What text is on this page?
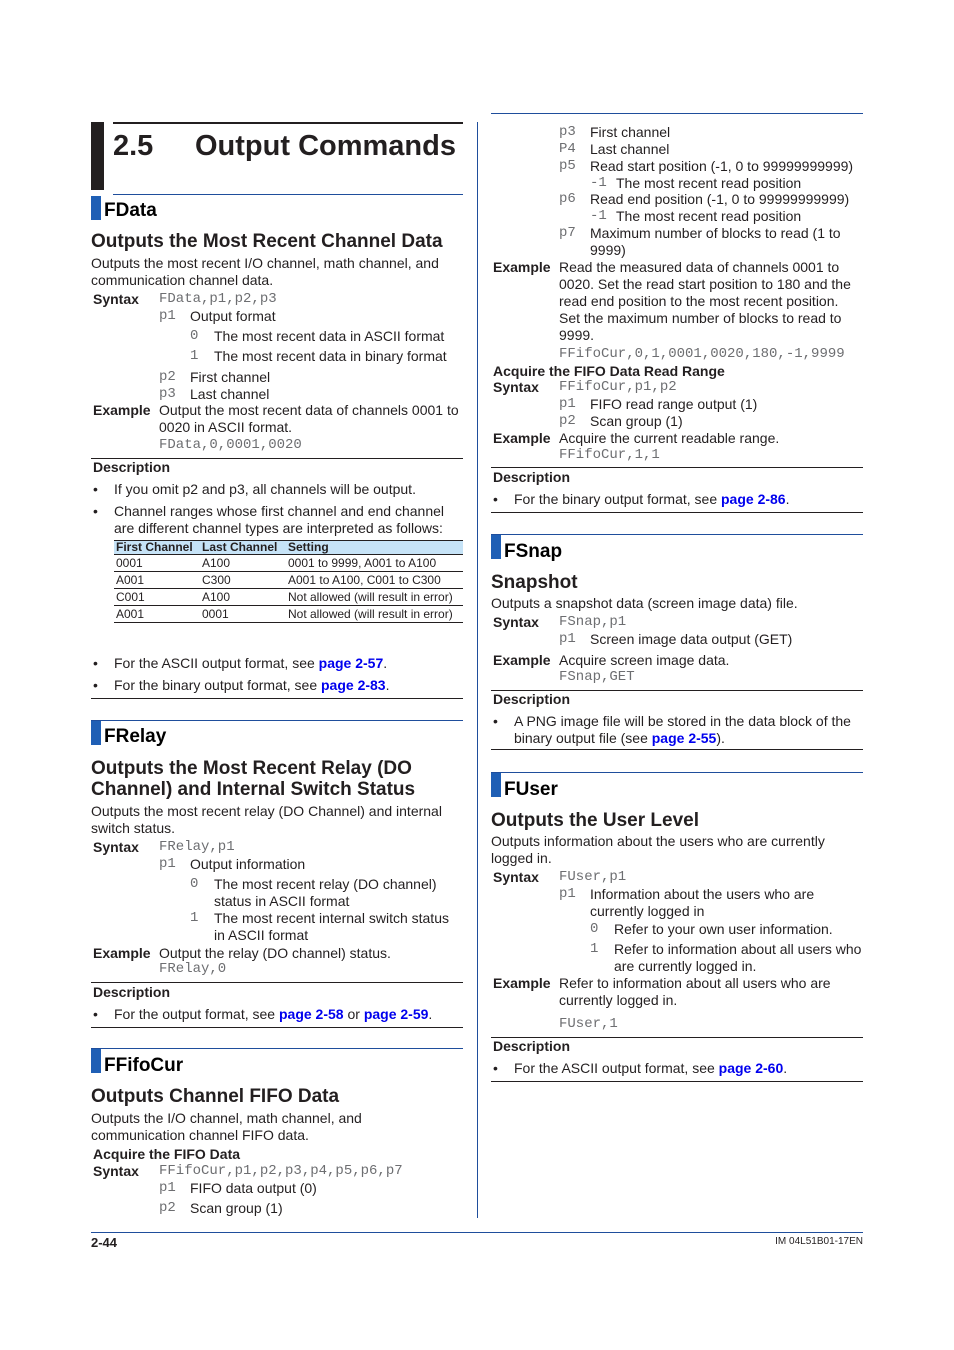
2.5 Output Commands
FData
Outputs the Most Recent Channel Data
Outputs the most recent I/O channel, math channel, and communication channel data.
Syntax FData,p1,p2,p3
p1 Output format
0 The most recent data in ASCII format
1 The most recent data in binary format
p2 First channel
p3 Last channel
Example Output the most recent data of channels 0001 to 0020 in ASCII format.
FData,0,0001,0020
Description
• If you omit p2 and p3, all channels will be output.
• Channel ranges whose first channel and end channel are different channel types are interpreted as follows:
First Channel	Last Channel	Setting
0001	A100	0001 to 9999, A001 to A100
A001	C300	A001 to A100, C001 to C300
C001	A100	Not allowed (will result in error)
A001	0001	Not allowed (will result in error)
• For the ASCII output format, see page 2-57.
• For the binary output format, see page 2-83.
FRelay
Outputs the Most Recent Relay (DO Channel) and Internal Switch Status
Outputs the most recent relay (DO Channel) and internal switch status.
Syntax FRelay,p1
p1 Output information
0 The most recent relay (DO channel) status in ASCII format
1 The most recent internal switch status in ASCII format
Example Output the relay (DO channel) status.
FRelay,0
Description
• For the output format, see page 2-58 or page 2-59.
FFifoCur
Outputs Channel FIFO Data
Outputs the I/O channel, math channel, and communication channel FIFO data.
Acquire the FIFO Data
Syntax FFifoCur,p1,p2,p3,p4,p5,p6,p7
p1 FIFO data output (0)
p2 Scan group (1)
p3 First channel
P4 Last channel
p5 Read start position (-1, 0 to 99999999999)
-1 The most recent read position
p6 Read end position (-1, 0 to 99999999999)
-1 The most recent read position
p7 Maximum number of blocks to read (1 to 9999)
Example Read the measured data of channels 0001 to 0020. Set the read start position to 180 and the read end position to the most recent position. Set the maximum number of blocks to read to 9999.
FFifoCur,0,1,0001,0020,180,-1,9999
Acquire the FIFO Data Read Range
Syntax FFifoCur,p1,p2
p1 FIFO read range output (1)
p2 Scan group (1)
Example Acquire the current readable range.
FFifoCur,1,1
Description
• For the binary output format, see page 2-86.
FSnap
Snapshot
Outputs a snapshot data (screen image data) file.
Syntax FSnap,p1
p1 Screen image data output (GET)
Example Acquire screen image data.
FSnap,GET
Description
• A PNG image file will be stored in the data block of the binary output file (see page 2-55).
FUser
Outputs the User Level
Outputs information about the users who are currently logged in.
Syntax FUser,p1
p1 Information about the users who are currently logged in
0 Refer to your own user information.
1 Refer to information about all users who are currently logged in.
Example Refer to information about all users who are currently logged in.
FUser,1
Description
• For the ASCII output format, see page 2-60.
2-44	IM 04L51B01-17EN
